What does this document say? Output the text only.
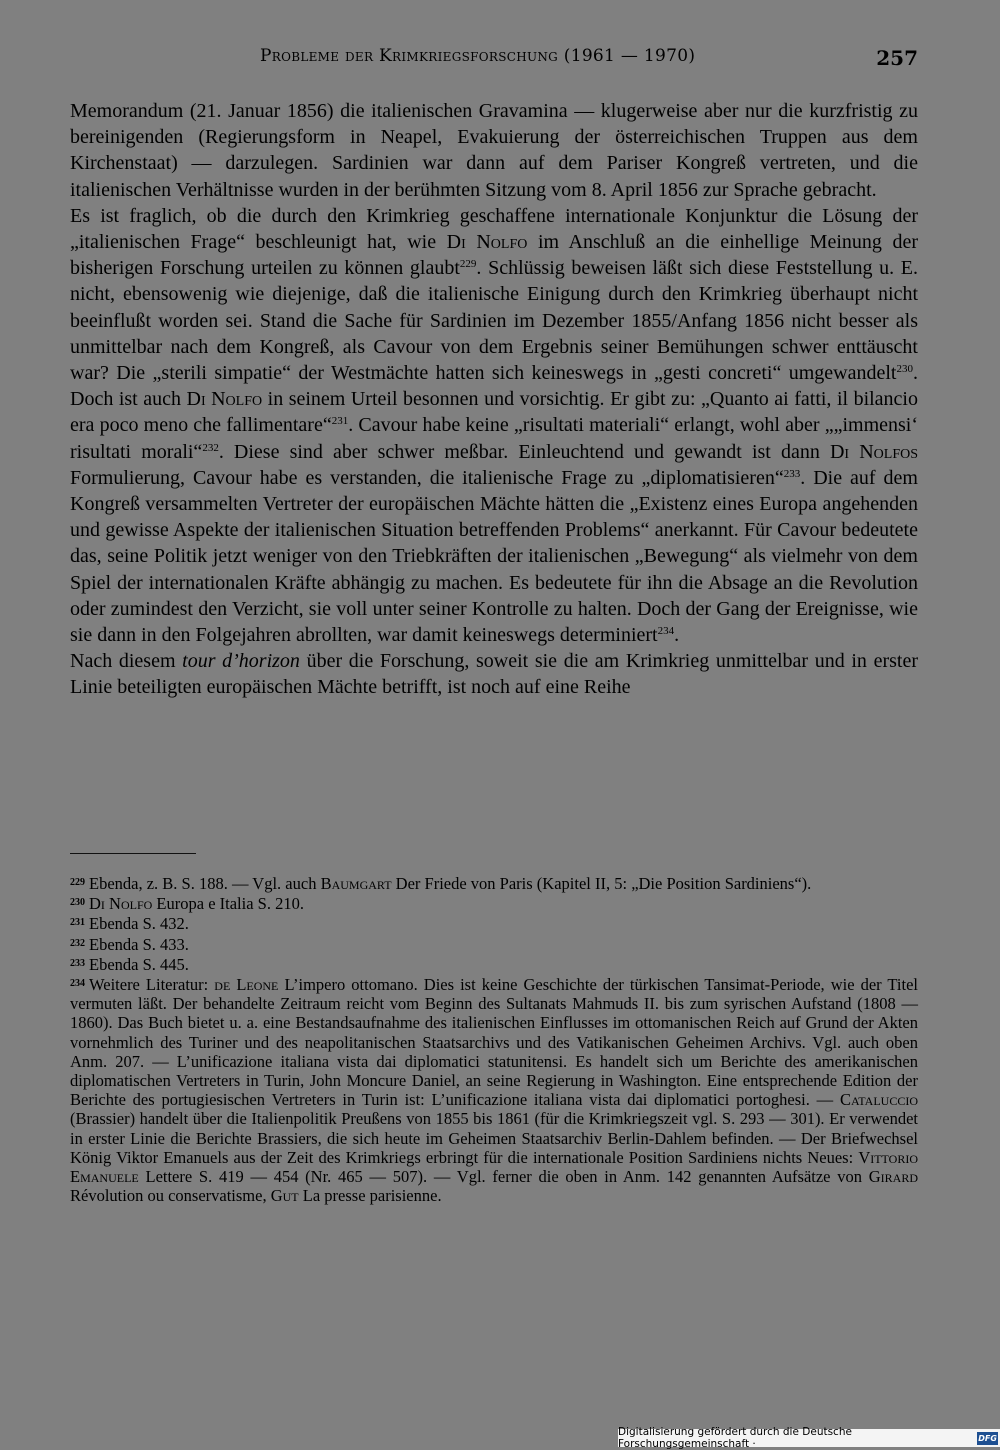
Probleme der Krimkriegsforschung (1961 — 1970)	257

Memorandum (21. Januar 1856) die italienischen Gravamina — klugerweise aber nur die kurzfristig zu bereinigenden (Regierungsform in Neapel, Evakuierung der österreichischen Truppen aus dem Kirchenstaat) — darzulegen. Sardinien war dann auf dem Pariser Kongreß vertreten, und die italienischen Verhältnisse wurden in der berühmten Sitzung vom 8. April 1856 zur Sprache gebracht.

Es ist fraglich, ob die durch den Krimkrieg geschaffene internationale Konjunktur die Lösung der „italienischen Frage“ beschleunigt hat, wie Di Nolfo im Anschluß an die einhellige Meinung der bisherigen Forschung urteilen zu können glaubt$^{229}$. Schlüssig beweisen läßt sich diese Feststellung u. E. nicht, ebensowenig wie diejenige, daß die italienische Einigung durch den Krimkrieg überhaupt nicht beeinflußt worden sei. Stand die Sache für Sardinien im Dezember 1855/Anfang 1856 nicht besser als unmittelbar nach dem Kongreß, als Cavour von dem Ergebnis seiner Bemühungen schwer enttäuscht war? Die „sterili simpatie“ der Westmächte hatten sich keineswegs in „gesti concreti“ umgewandelt$^{230}$. Doch ist auch Di Nolfo in seinem Urteil besonnen und vorsichtig. Er gibt zu: „Quanto ai fatti, il bilancio era poco meno che fallimentare“$^{231}$. Cavour habe keine „risultati materiali“ erlangt, wohl aber „„immensi‘ risultati morali“$^{232}$. Diese sind aber schwer meßbar. Einleuchtend und gewandt ist dann Di Nolfos Formulierung, Cavour habe es verstanden, die italienische Frage zu „diplomatisieren“$^{233}$. Die auf dem Kongreß versammelten Vertreter der europäischen Mächte hätten die „Existenz eines Europa angehenden und gewisse Aspekte der italienischen Situation betreffenden Problems“ anerkannt. Für Cavour bedeutete das, seine Politik jetzt weniger von den Triebkräften der italienischen „Bewegung“ als vielmehr von dem Spiel der internationalen Kräfte abhängig zu machen. Es bedeutete für ihn die Absage an die Revolution oder zumindest den Verzicht, sie voll unter seiner Kontrolle zu halten. Doch der Gang der Ereignisse, wie sie dann in den Folgejahren abrollten, war damit keineswegs determiniert$^{234}$.

Nach diesem tour d’horizon über die Forschung, soweit sie die am Krimkrieg unmittelbar und in erster Linie beteiligten europäischen Mächte betrifft, ist noch auf eine Reihe

$^{229}$ Ebenda, z. B. S. 188. — Vgl. auch Baumgart Der Friede von Paris (Kapitel II, 5: „Die Position Sardiniens“).

$^{230}$ Di Nolfo Europa e Italia S. 210.

$^{231}$ Ebenda S. 432.

$^{232}$ Ebenda S. 433.

$^{233}$ Ebenda S. 445.

$^{234}$ Weitere Literatur: de Leone L’impero ottomano. Dies ist keine Geschichte der türkischen Tansimat-Periode, wie der Titel vermuten läßt. Der behandelte Zeitraum reicht vom Beginn des Sultanats Mahmuds II. bis zum syrischen Aufstand (1808 — 1860). Das Buch bietet u. a. eine Bestandsaufnahme des italienischen Einflusses im ottomanischen Reich auf Grund der Akten vornehmlich des Turiner und des neapolitanischen Staatsarchivs und des Vatikanischen Geheimen Archivs. Vgl. auch oben Anm. 207. — L’unificazione italiana vista dai diplomatici statunitensi. Es handelt sich um Berichte des amerikanischen diplomatischen Vertreters in Turin, John Moncure Daniel, an seine Regierung in Washington. Eine entsprechende Edition der Berichte des portugiesischen Vertreters in Turin ist: L’unificazione italiana vista dai diplomatici portoghesi. — Cataluccio (Brassier) handelt über die Italienpolitik Preußens von 1855 bis 1861 (für die Krimkriegszeit vgl. S. 293 — 301). Er verwendet in erster Linie die Berichte Brassiers, die sich heute im Geheimen Staatsarchiv Berlin-Dahlem befinden. — Der Briefwechsel König Viktor Emanuels aus der Zeit des Krimkriegs erbringt für die internationale Position Sardiniens nichts Neues: Vittorio Emanuele Lettere S. 419 — 454 (Nr. 465 — 507). — Vgl. ferner die oben in Anm. 142 genannten Aufsätze von Girard Révolution ou conservatisme, Gut La presse parisienne.

Digitalisierung gefördert durch die Deutsche Forschungsgemeinschaft ·	DFG
